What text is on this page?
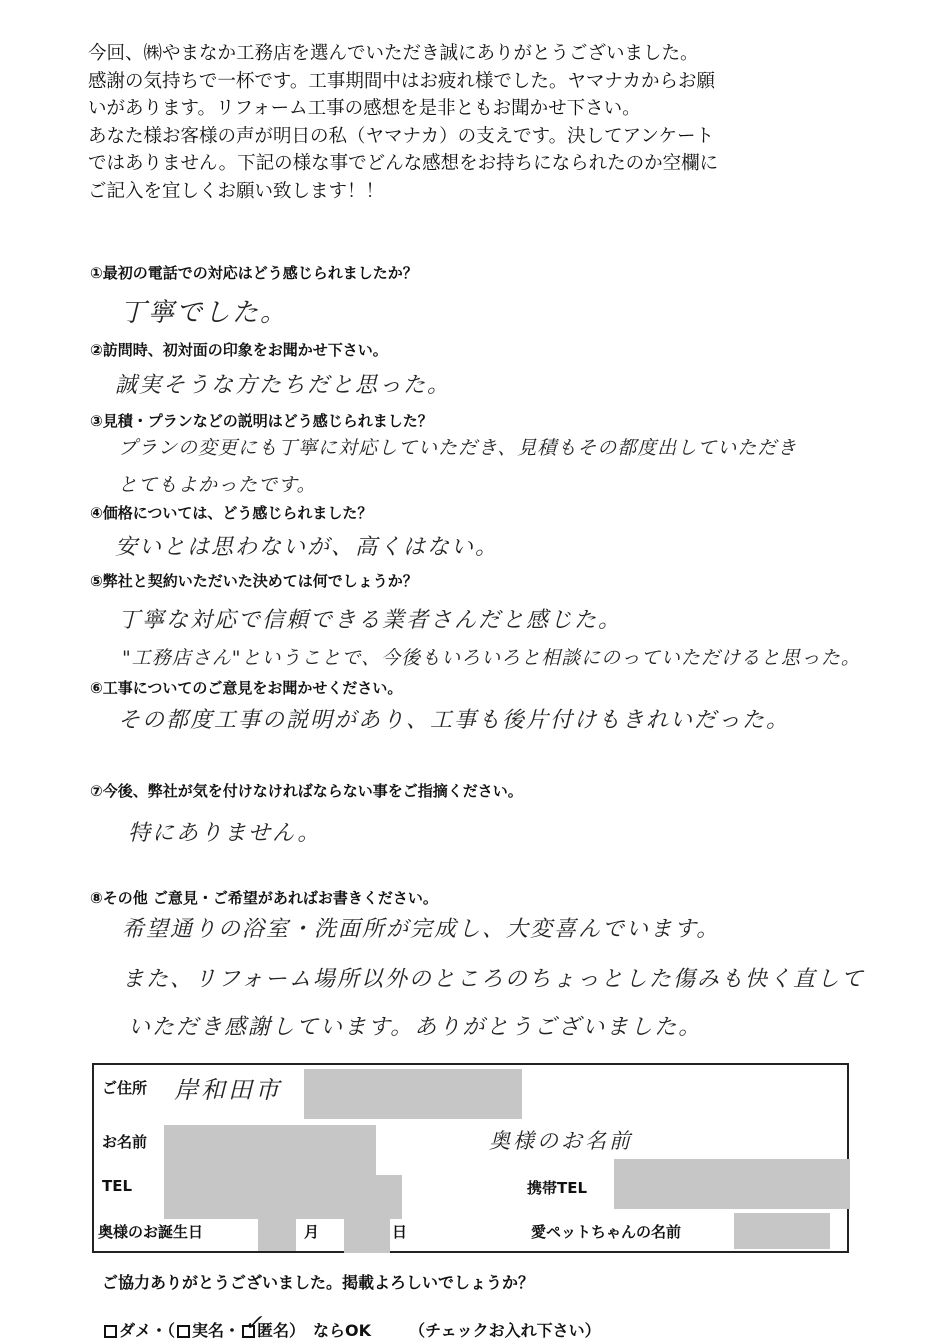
今回、㈱やまなか工務店を選んでいただき誠にありがとうございました。
感謝の気持ちで一杯です。工事期間中はお疲れ様でした。ヤマナカからお願
いがあります。リフォーム工事の感想を是非ともお聞かせ下さい。
あなた様お客様の声が明日の私（ヤマナカ）の支えです。決してアンケート
ではありません。下記の様な事でどんな感想をお持ちになられたのか空欄に
ご記入を宜しくお願い致します！！
①最初の電話での対応はどう感じられましたか？
丁寧でした。
②訪問時、初対面の印象をお聞かせ下さい。
誠実そうな方たちだと思った。
③見積・プランなどの説明はどう感じられました？
プランの変更にも丁寧に対応していただき、見積もその都度出していただき
とてもよかったです。
④価格については、どう感じられました？
安いとは思わないが、高くはない。
⑤弊社と契約いただいた決めては何でしょうか？
丁寧な対応で信頼できる業者さんだと感じた。
"工務店さん"ということで、今後もいろいろと相談にのっていただけると思った。
⑥工事についてのご意見をお聞かせください。
その都度工事の説明があり、工事も後片付けもきれいだった。
⑦今後、弊社が気を付けなければならない事をご指摘ください。
特にありません。
⑧その他 ご意見・ご希望があればお書きください。
希望通りの浴室・洗面所が完成し、大変喜んでいます。
また、リフォーム場所以外のところのちょっとした傷みも快く直して
いただき感謝しています。ありがとうございました。
ご住所 岸和田市
お名前	奥様のお名前
TEL	携帯TEL
奥様のお誕生日	月	日	愛ペットちゃんの名前
ご協力ありがとうございました。掲載よろしいでしょうか？
ダメ・（ 実名・ ✓
匿名） ならOK （チェックお入れ下さい）
